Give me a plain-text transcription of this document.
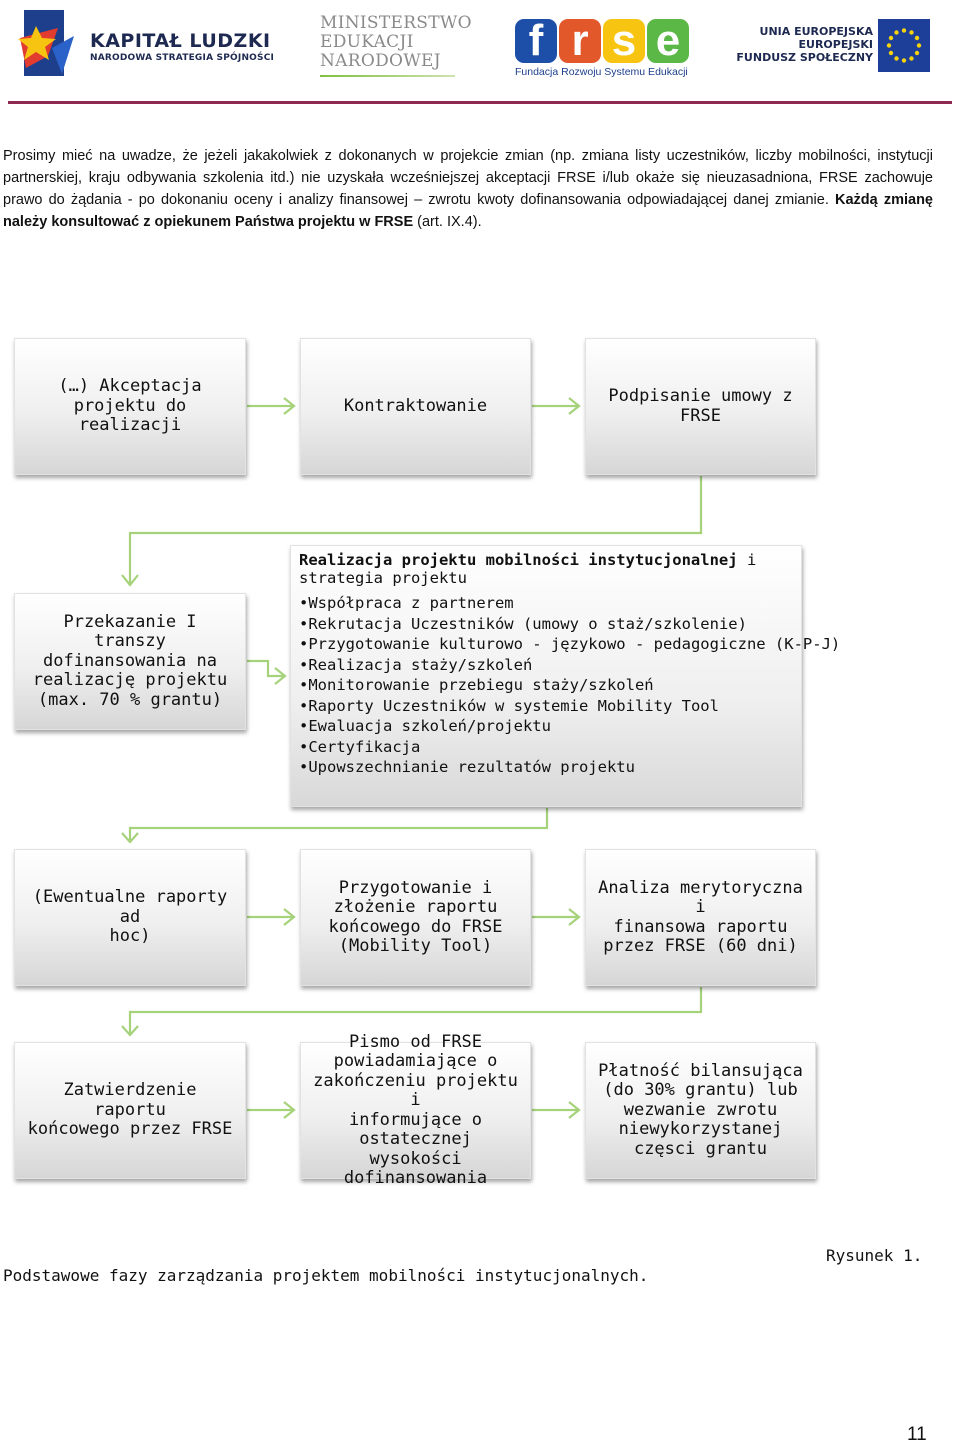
KAPITAŁ LUDZKI
NARODOWA STRATEGIA SPÓJNOŚCI
MINISTERSTWO
EDUKACJI
NARODOWEJ	f r s e
Fundacja Rozwoju Systemu Edukacji
UNIA EUROPEJSKA
EUROPEJSKI
FUNDUSZ SPOŁECZNY
Prosimy mieć na uwadze, że jeżeli jakakolwiek z dokonanych w projekcie zmian (np. zmiana listy uczestników, liczby mobilności, instytucji partnerskiej, kraju odbywania szkolenia itd.) nie uzyskała wcześniejszej akceptacji FRSE i/lub okaże się nieuzasadniona, FRSE zachowuje prawo do żądania - po dokonaniu oceny i analizy finansowej – zwrotu kwoty dofinansowania odpowiadającej danej zmianie. Każdą zmianę należy konsultować z opiekunem Państwa projektu w FRSE (art. IX.4).
(…) Akceptacja
projektu do realizacji
Kontraktowanie	Podpisanie umowy z
FRSE
Przekazanie I transzy
dofinansowania na
realizację projektu
(max. 70 % grantu)
Realizacja projektu mobilności instytucjonalnej i strategia projektu
• Współpraca z partnerem
• Rekrutacja Uczestników (umowy o staż/szkolenie)
• Przygotowanie kulturowo - językowo - pedagogiczne (K-P-J)
• Realizacja staży/szkoleń
• Monitorowanie przebiegu staży/szkoleń
• Raporty Uczestników w systemie Mobility Tool
• Ewaluacja szkoleń/projektu
• Certyfikacja
• Upowszechnianie rezultatów projektu
(Ewentualne raporty ad
hoc)
Przygotowanie i
złożenie raportu
końcowego do FRSE
(Mobility Tool)
Analiza merytoryczna i
finansowa raportu
przez FRSE (60 dni)
Zatwierdzenie raportu
końcowego przez FRSE
Pismo od FRSE
powiadamiające o
zakończeniu projektu i
informujące o
ostatecznej wysokości
dofinansowania
Płatność bilansująca
(do 30% grantu) lub
wezwanie zwrotu
niewykorzystanej
częsci grantu
Rysunek 1.
Podstawowe fazy zarządzania projektem mobilności instytucjonalnych.
11
